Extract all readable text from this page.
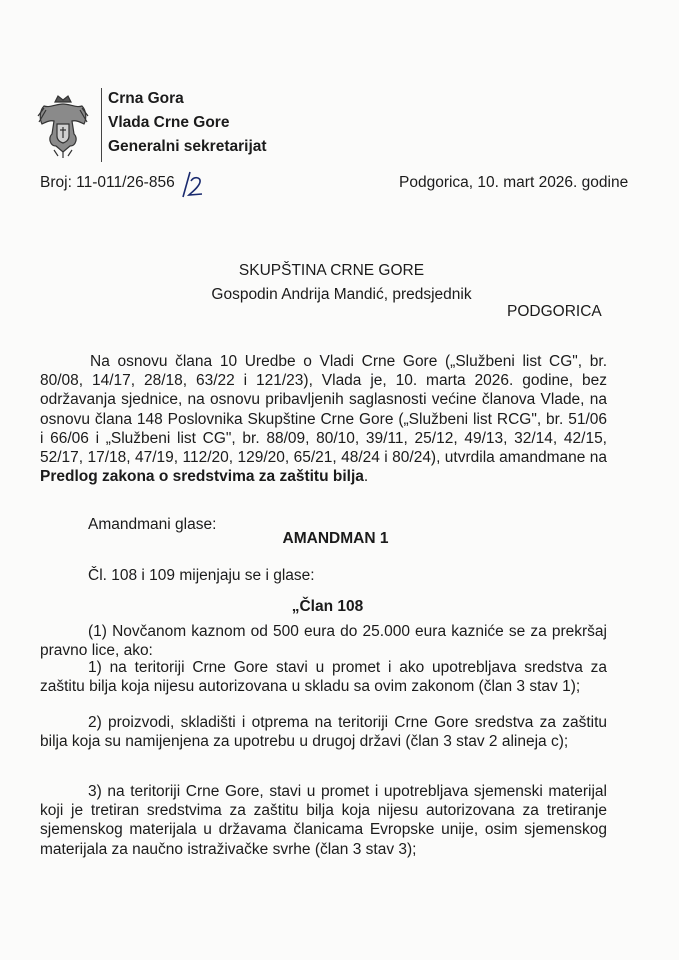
Crna Gora
Vlada Crne Gore
Generalni sekretarijat
Broj: 11-011/26-856	Podgorica, 10. mart 2026. godine
SKUPŠTINA CRNE GORE
Gospodin Andrija Mandić, predsjednik
PODGORICA

Na osnovu člana 10 Uredbe o Vladi Crne Gore („Službeni list CG", br. 80/08, 14/17, 28/18, 63/22 i 121/23), Vlada je, 10. marta 2026. godine, bez održavanja sjednice, na osnovu pribavljenih saglasnosti većine članova Vlade, na osnovu člana 148 Poslovnika Skupštine Crne Gore („Službeni list RCG", br. 51/06 i 66/06 i „Službeni list CG", br. 88/09, 80/10, 39/11, 25/12, 49/13, 32/14, 42/15, 52/17, 17/18, 47/19, 112/20, 129/20, 65/21, 48/24 i 80/24), utvrdila amandmane na Predlog zakona o sredstvima za zaštitu bilja.

Amandmani glase:
AMANDMAN 1
Čl. 108 i 109 mijenjaju se i glase:
„Član 108

(1) Novčanom kaznom od 500 eura do 25.000 eura kazniće se za prekršaj pravno lice, ako:

1) na teritoriji Crne Gore stavi u promet i ako upotrebljava sredstva za zaštitu bilja koja nijesu autorizovana u skladu sa ovim zakonom (član 3 stav 1);

2) proizvodi, skladišti i otprema na teritoriji Crne Gore sredstva za zaštitu bilja koja su namijenjena za upotrebu u drugoj državi (član 3 stav 2 alineja c);

3) na teritoriji Crne Gore, stavi u promet i upotrebljava sjemenski materijal koji je tretiran sredstvima za zaštitu bilja koja nijesu autorizovana za tretiranje sjemenskog materijala u državama članicama Evropske unije, osim sjemenskog materijala za naučno istraživačke svrhe (član 3 stav 3);
